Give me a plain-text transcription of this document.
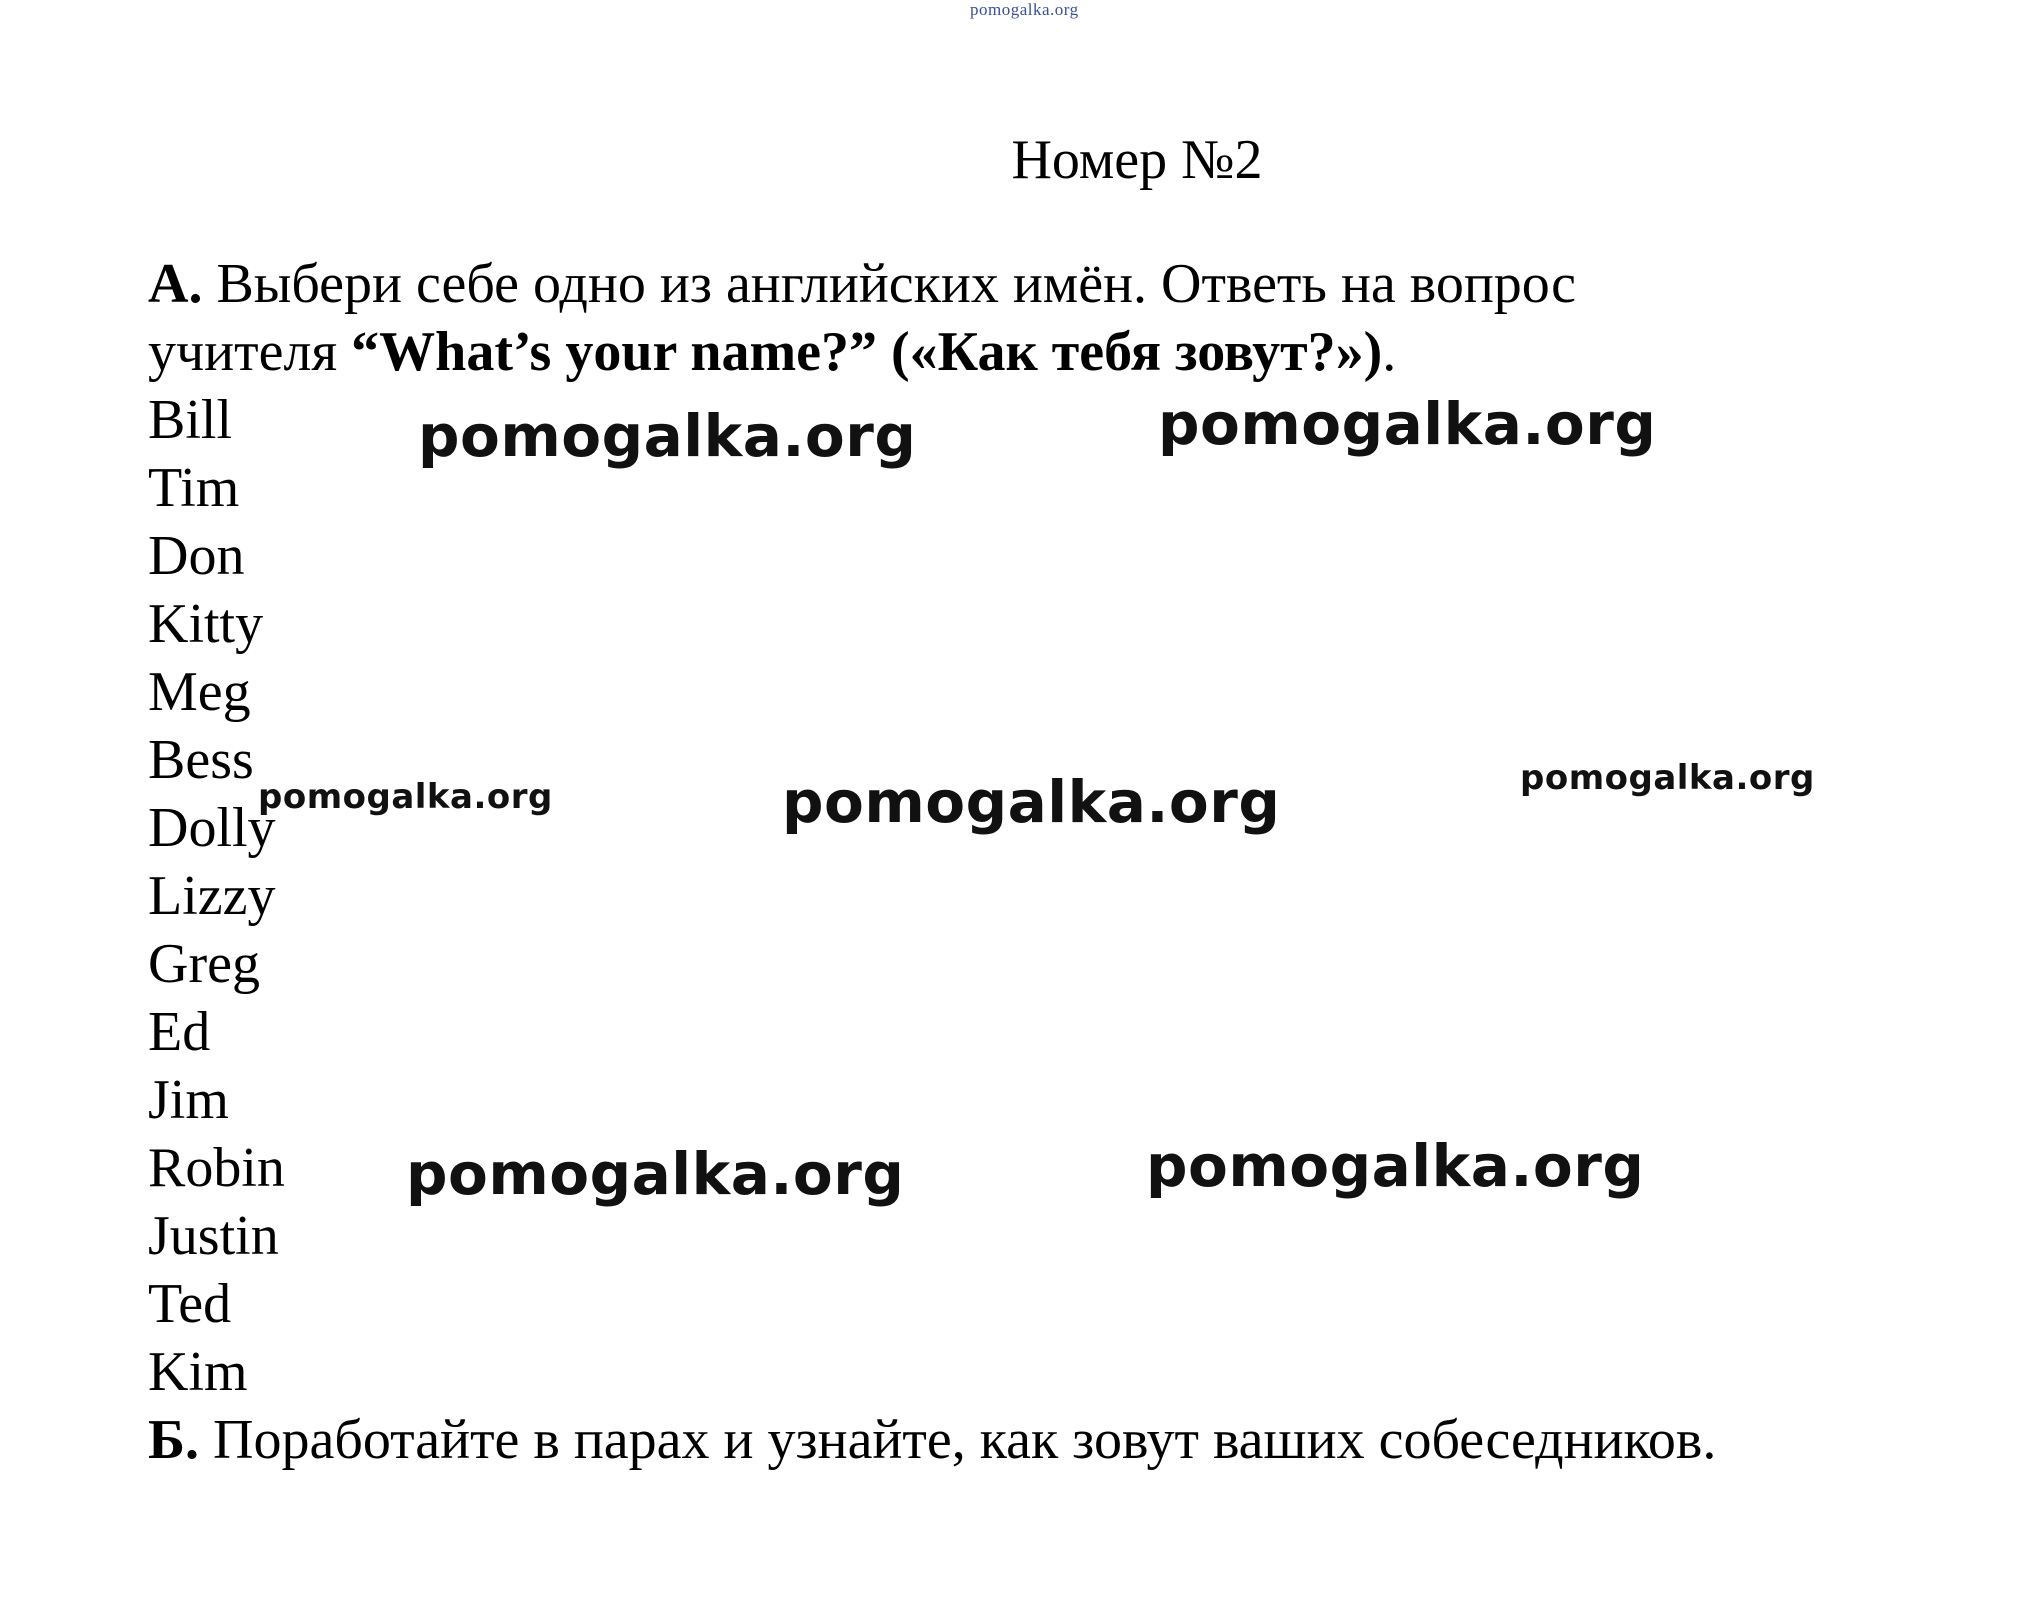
pomogalka.org
Номер №2
А. Выбери себе одно из английских имён. Ответь на вопрос
учителя “What’s your name?” («Как тебя зовут?»).
Bill
Tim
Don
Kitty
Meg
Bess
Dolly
Lizzy
Greg
Ed
Jim
Robin
Justin
Ted
Kim
Б. Поработайте в парах и узнайте, как зовут ваших собеседников.
pomogalka.org	pomogalka.org
pomogalka.org	pomogalka.org	pomogalka.org
pomogalka.org	pomogalka.org
